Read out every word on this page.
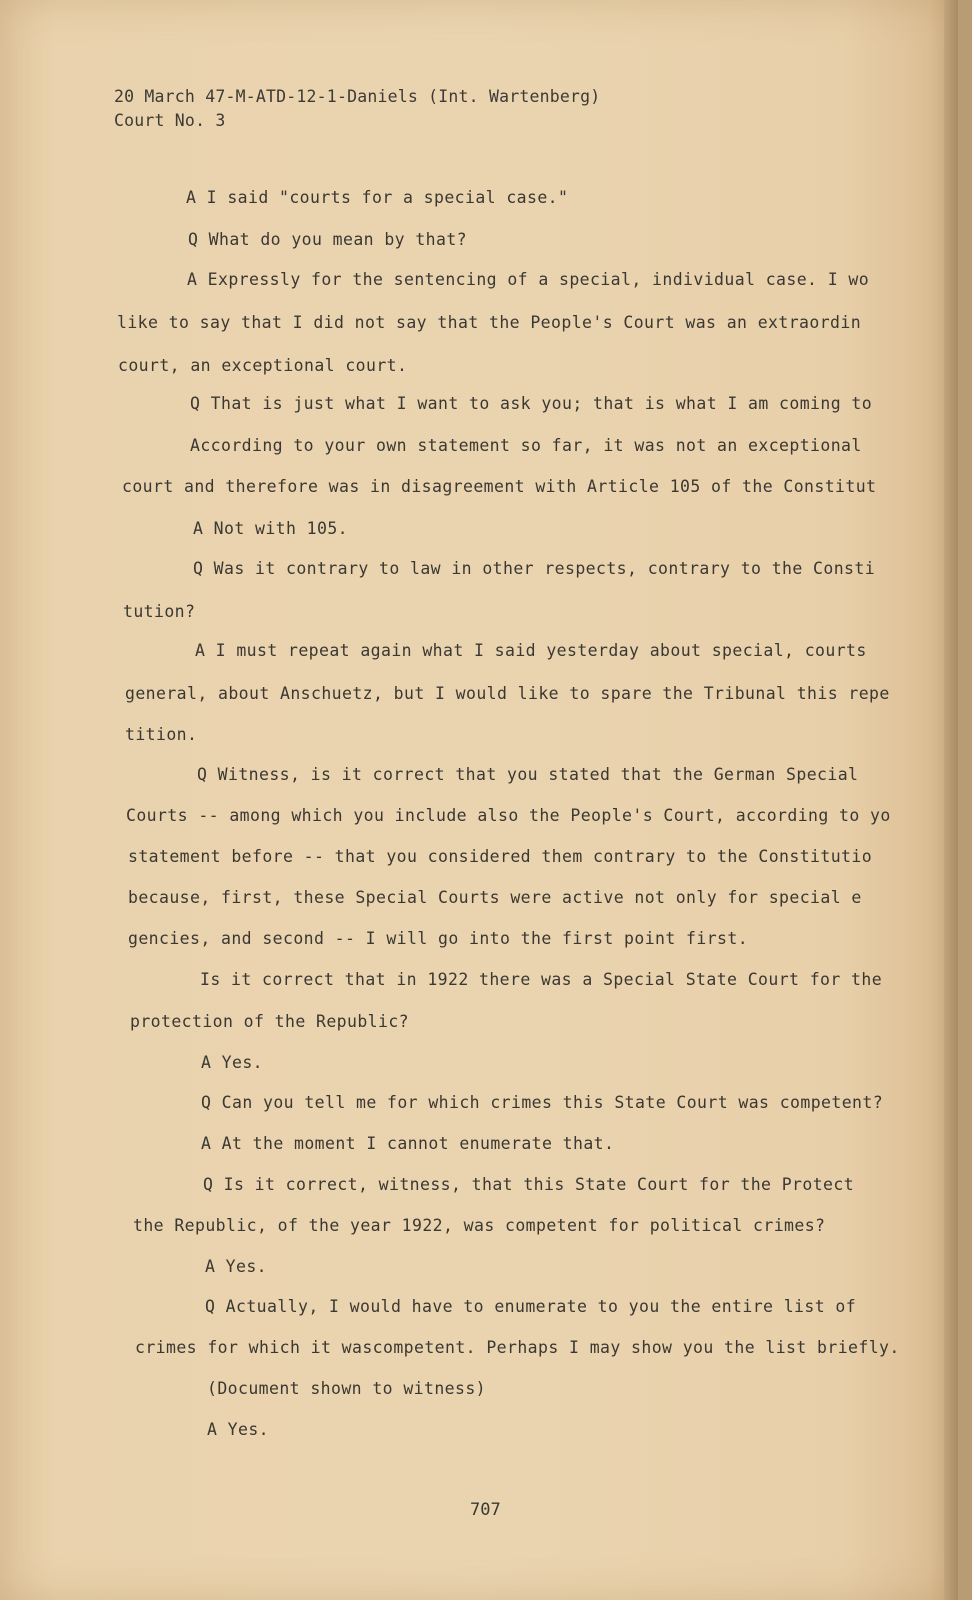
20 March 47-M-ATD-12-1-Daniels (Int. Wartenberg)
Court No. 3
A I said "courts for a special case."
Q What do you mean by that?
A Expressly for the sentencing of a special, individual case. I wo
like to say that I did not say that the People's Court was an extraordin
court, an exceptional court.
Q That is just what I want to ask you; that is what I am coming to
According to your own statement so far, it was not an exceptional
court and therefore was in disagreement with Article 105 of the Constitut
A Not with 105.
Q Was it contrary to law in other respects, contrary to the Consti
tution?
A I must repeat again what I said yesterday about special, courts
general, about Anschuetz, but I would like to spare the Tribunal this repe
tition.
Q Witness, is it correct that you stated that the German Special
Courts -- among which you include also the People's Court, according to yo
statement before -- that you considered them contrary to the Constitutio
because, first, these Special Courts were active not only for special e
gencies, and second -- I will go into the first point first.
Is it correct that in 1922 there was a Special State Court for the
protection of the Republic?
A Yes.
Q Can you tell me for which crimes this State Court was competent?
A At the moment I cannot enumerate that.
Q Is it correct, witness, that this State Court for the Protect
the Republic, of the year 1922, was competent for political crimes?
A Yes.
Q Actually, I would have to enumerate to you the entire list of
crimes for which it wascompetent. Perhaps I may show you the list briefly.
(Document shown to witness)
A Yes.
707
